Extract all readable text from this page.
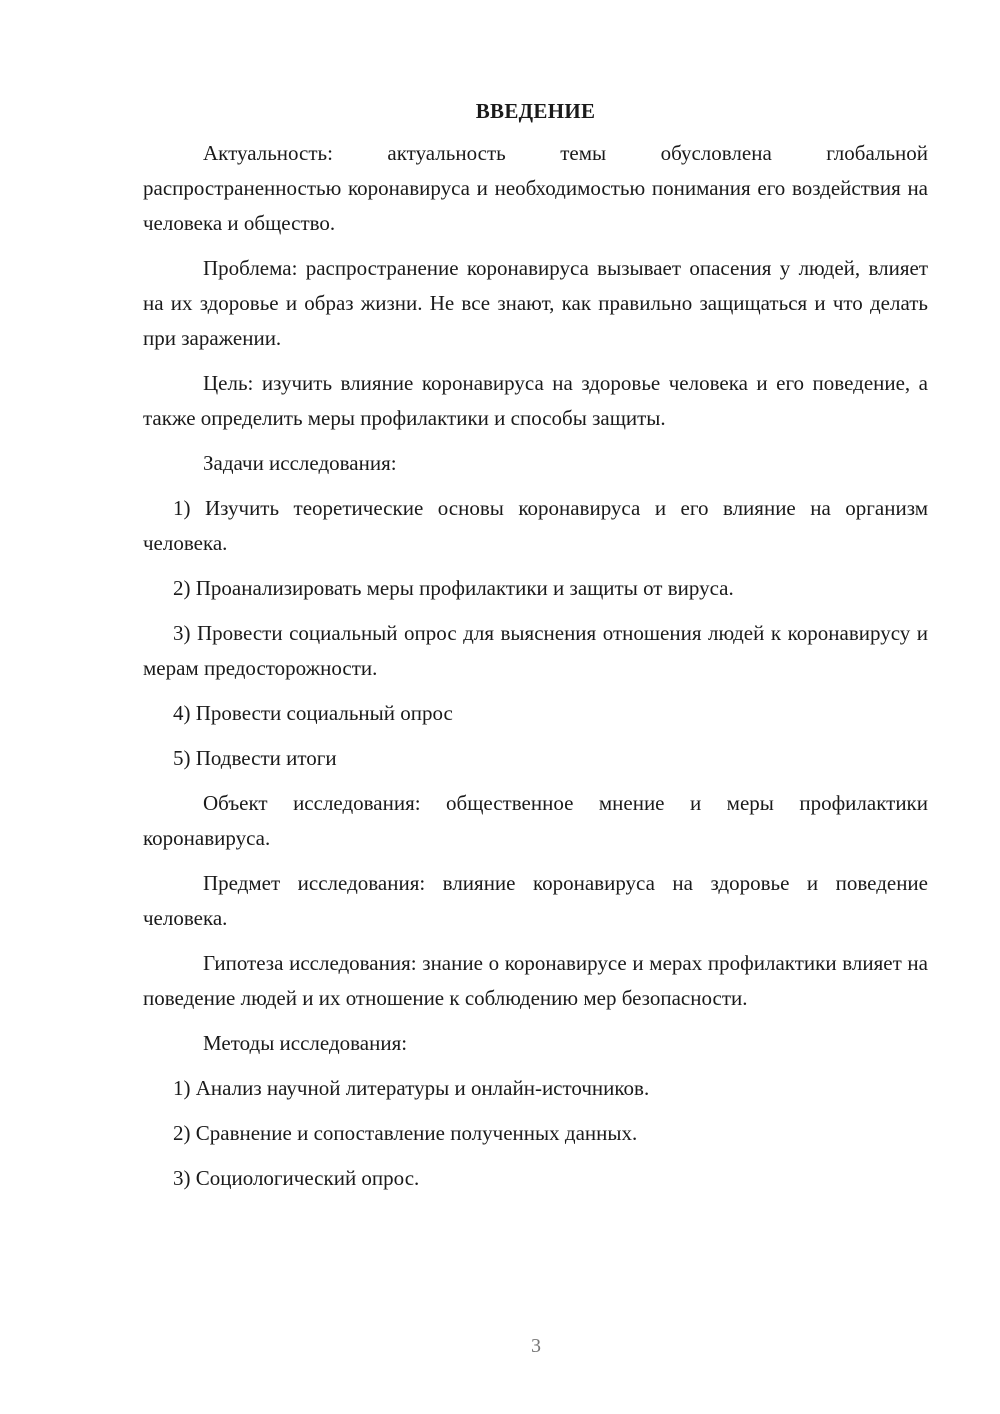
ВВЕДЕНИЕ

Актуальность: актуальность темы обусловлена глобальной распространенностью коронавируса и необходимостью понимания его воздействия на человека и общество.

Проблема: распространение коронавируса вызывает опасения у людей, влияет на их здоровье и образ жизни. Не все знают, как правильно защищаться и что делать при заражении.

Цель: изучить влияние коронавируса на здоровье человека и его поведение, а также определить меры профилактики и способы защиты.

Задачи исследования:

1) Изучить теоретические основы коронавируса и его влияние на организм человека.

2) Проанализировать меры профилактики и защиты от вируса.

3) Провести социальный опрос для выяснения отношения людей к коронавирусу и мерам предосторожности.

4) Провести социальный опрос

5) Подвести итоги

Объект исследования: общественное мнение и меры профилактики коронавируса.

Предмет исследования: влияние коронавируса на здоровье и поведение человека.

Гипотеза исследования: знание о коронавирусе и мерах профилактики влияет на поведение людей и их отношение к соблюдению мер безопасности.

Методы исследования:

1) Анализ научной литературы и онлайн-источников.

2) Сравнение и сопоставление полученных данных.

3) Социологический опрос.

3
